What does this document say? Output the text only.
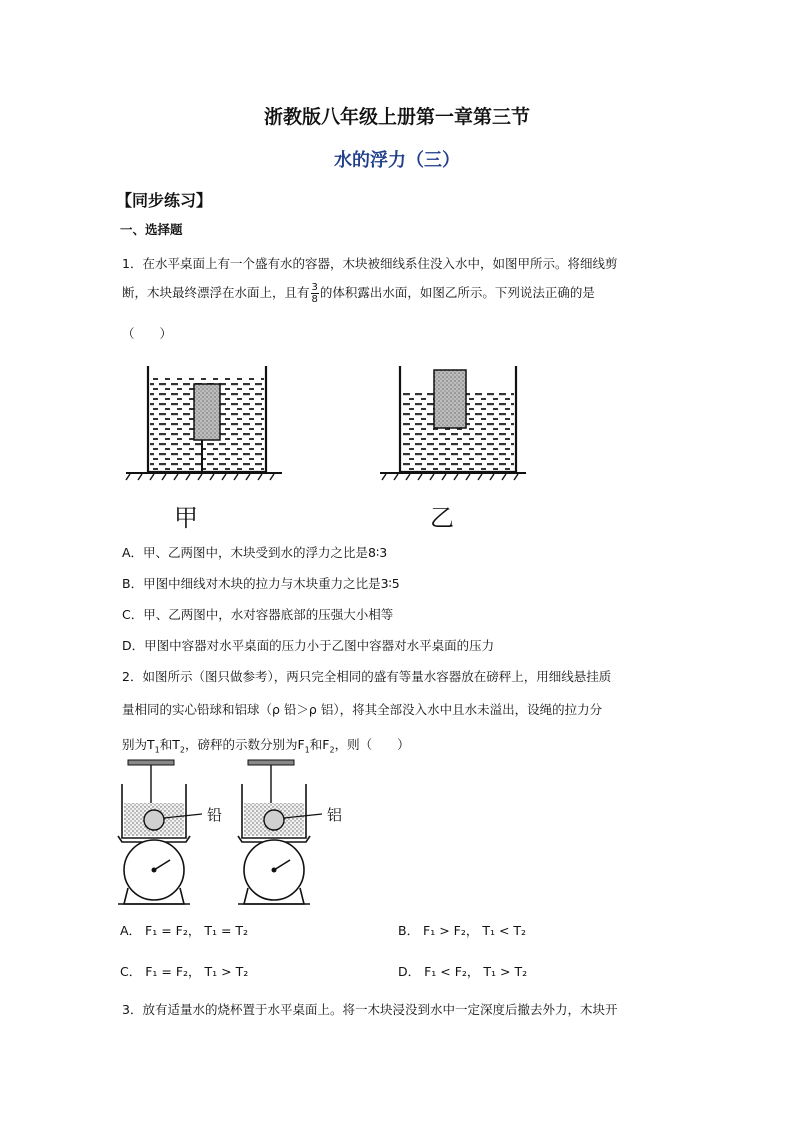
浙教版八年级上册第一章第三节
水的浮力（三）
【同步练习】
一、选择题
1．在水平桌面上有一个盛有水的容器，木块被细线系住没入水中，如图甲所示。将细线剪
断，木块最终漂浮在水面上，且有 $\frac{3}{8}$ 的体积露出水面，如图乙所示。下列说法正确的是
（　　）
甲	乙
A．甲、乙两图中，木块受到水的浮力之比是8∶3
B．甲图中细线对木块的拉力与木块重力之比是3∶5
C．甲、乙两图中，水对容器底部的压强大小相等
D．甲图中容器对水平桌面的压力小于乙图中容器对水平桌面的压力
2．如图所示（图只做参考），两只完全相同的盛有等量水容器放在磅秤上，用细线悬挂质
量相同的实心铅球和铝球（ρ 铅＞ρ 铝），将其全部没入水中且水未溢出，设绳的拉力分
别为$T_1$和$T_2$，磅秤的示数分别为$F_1$和$F_2$，则（　　）
铅	铝
A． F₁ = F₂， T₁ = T₂	B． F₁ > F₂， T₁ < T₂
C． F₁ = F₂， T₁ > T₂	D． F₁ < F₂， T₁ > T₂
3．放有适量水的烧杯置于水平桌面上。将一木块浸没到水中一定深度后撤去外力，木块开
